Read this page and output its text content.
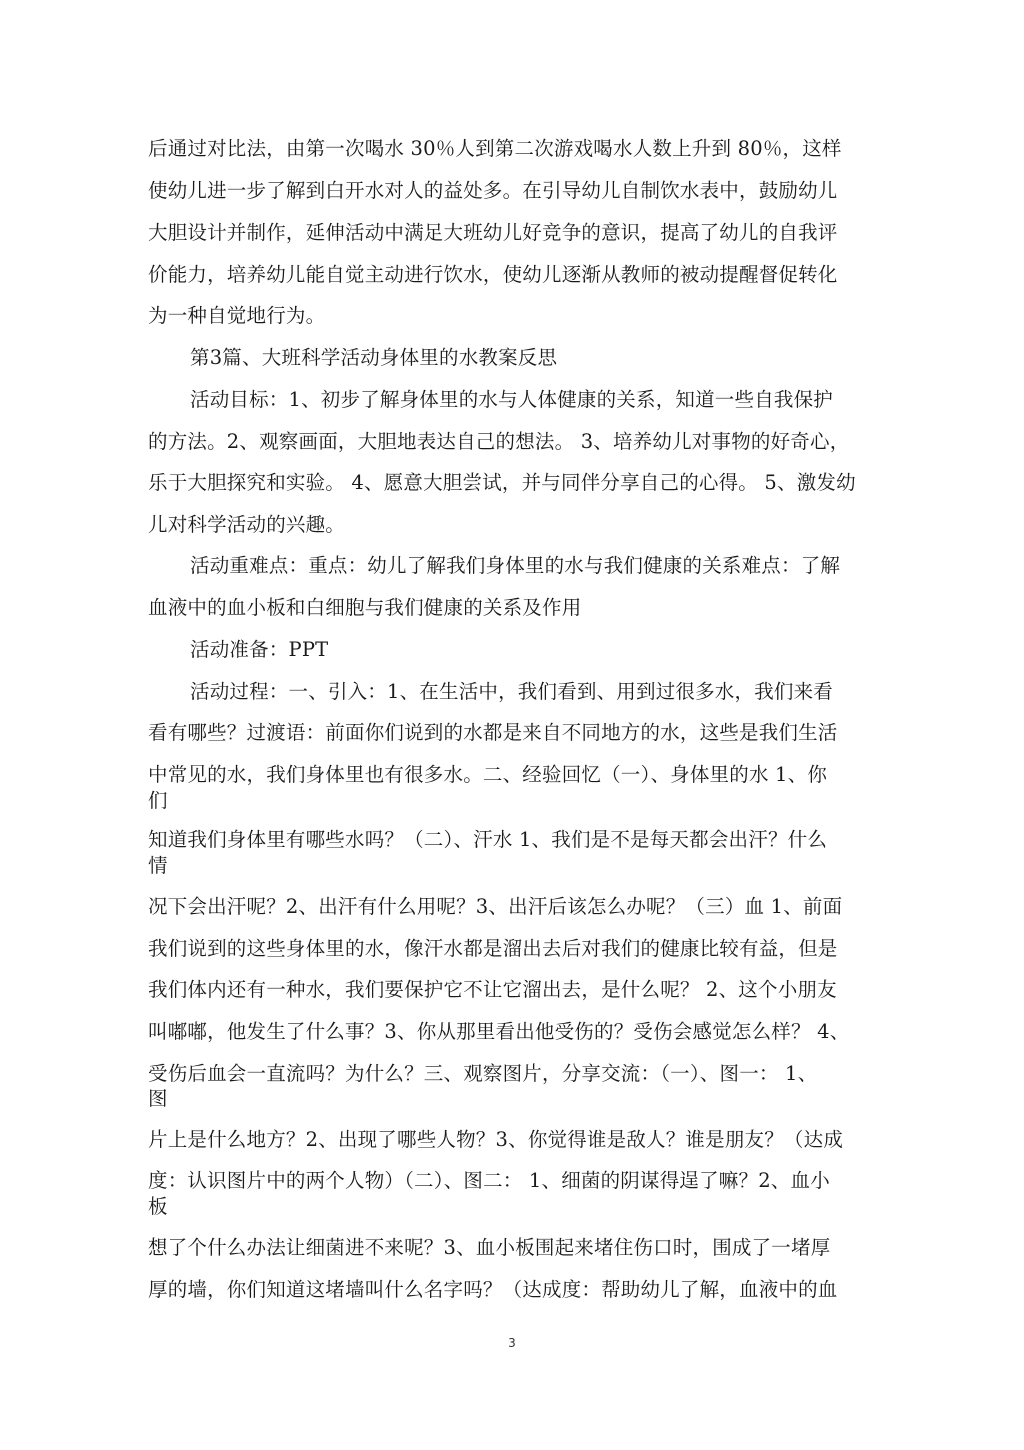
后通过对比法，由第一次喝水 30％人到第二次游戏喝水人数上升到 80％，这样
使幼儿进一步了解到白开水对人的益处多。在引导幼儿自制饮水表中，鼓励幼儿
大胆设计并制作，延伸活动中满足大班幼儿好竞争的意识，提高了幼儿的自我评
价能力，培养幼儿能自觉主动进行饮水，使幼儿逐渐从教师的被动提醒督促转化
为一种自觉地行为。
第3篇、大班科学活动身体里的水教案反思
活动目标：1、初步了解身体里的水与人体健康的关系，知道一些自我保护
的方法。2、观察画面，大胆地表达自己的想法。 3、培养幼儿对事物的好奇心，
乐于大胆探究和实验。 4、愿意大胆尝试，并与同伴分享自己的心得。 5、激发幼
儿对科学活动的兴趣。
活动重难点：重点：幼儿了解我们身体里的水与我们健康的关系难点：了解
血液中的血小板和白细胞与我们健康的关系及作用
活动准备：PPT
活动过程：一、引入：1、在生活中，我们看到、用到过很多水，我们来看
看有哪些？过渡语：前面你们说到的水都是来自不同地方的水，这些是我们生活
中常见的水，我们身体里也有很多水。二、经验回忆（一）、身体里的水 1、你
们
知道我们身体里有哪些水吗？（二）、汗水 1、我们是不是每天都会出汗？什么
情
况下会出汗呢？2、出汗有什么用呢？3、出汗后该怎么办呢？（三）血 1、前面
我们说到的这些身体里的水，像汗水都是溜出去后对我们的健康比较有益，但是
我们体内还有一种水，我们要保护它不让它溜出去，是什么呢？ 2、这个小朋友
叫嘟嘟，他发生了什么事？3、你从那里看出他受伤的？受伤会感觉怎么样？ 4、
受伤后血会一直流吗？为什么？三、观察图片，分享交流：（一）、图一： 1、
图
片上是什么地方？2、出现了哪些人物？3、你觉得谁是敌人？谁是朋友？（达成
度：认识图片中的两个人物）（二）、图二： 1、细菌的阴谋得逞了嘛？2、血小
板
想了个什么办法让细菌进不来呢？3、血小板围起来堵住伤口时，围成了一堵厚
厚的墙，你们知道这堵墙叫什么名字吗？（达成度：帮助幼儿了解，血液中的血
3
